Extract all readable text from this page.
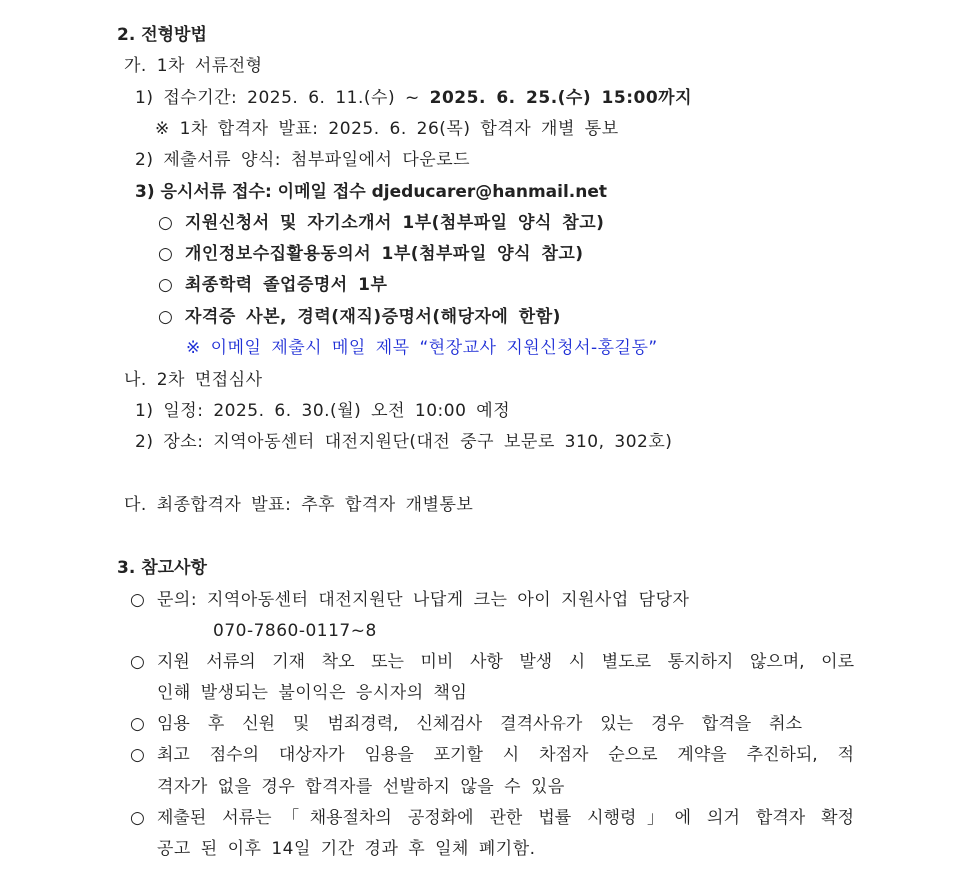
2. 전형방법
가. 1차 서류전형
1) 접수기간: 2025. 6. 11.(수) ~ 2025. 6. 25.(수) 15:00까지
※ 1차 합격자 발표: 2025. 6. 26(목) 합격자 개별 통보
2) 제출서류 양식: 첨부파일에서 다운로드
3) 응시서류 접수: 이메일 접수 djeducarer@hanmail.net
○ 지원신청서 및 자기소개서 1부(첨부파일 양식 참고)
○ 개인정보수집활용동의서 1부(첨부파일 양식 참고)
○ 최종학력 졸업증명서 1부
○ 자격증 사본, 경력(재직)증명서(해당자에 한함)
※ 이메일 제출시 메일 제목 “현장교사 지원신청서-홍길동”
나. 2차 면접심사
1) 일정: 2025. 6. 30.(월) 오전 10:00 예정
2) 장소: 지역아동센터 대전지원단(대전 중구 보문로 310, 302호)
다. 최종합격자 발표: 추후 합격자 개별통보
3. 참고사항
○ 문의: 지역아동센터 대전지원단 나답게 크는 아이 지원사업 담당자
070-7860-0117~8
○ 지원 서류의 기재 착오 또는 미비 사항 발생 시 별도로 통지하지 않으며, 이로
인해 발생되는 불이익은 응시자의 책임
○ 임용 후 신원 및 범죄경력, 신체검사 결격사유가 있는 경우 합격을 취소
○ 최고 점수의 대상자가 임용을 포기할 시 차점자 순으로 계약을 추진하되, 적
격자가 없을 경우 합격자를 선발하지 않을 수 있음
○ 제출된 서류는「채용절차의 공정화에 관한 법률 시행령」에 의거 합격자 확정
공고 된 이후 14일 기간 경과 후 일체 폐기함.
